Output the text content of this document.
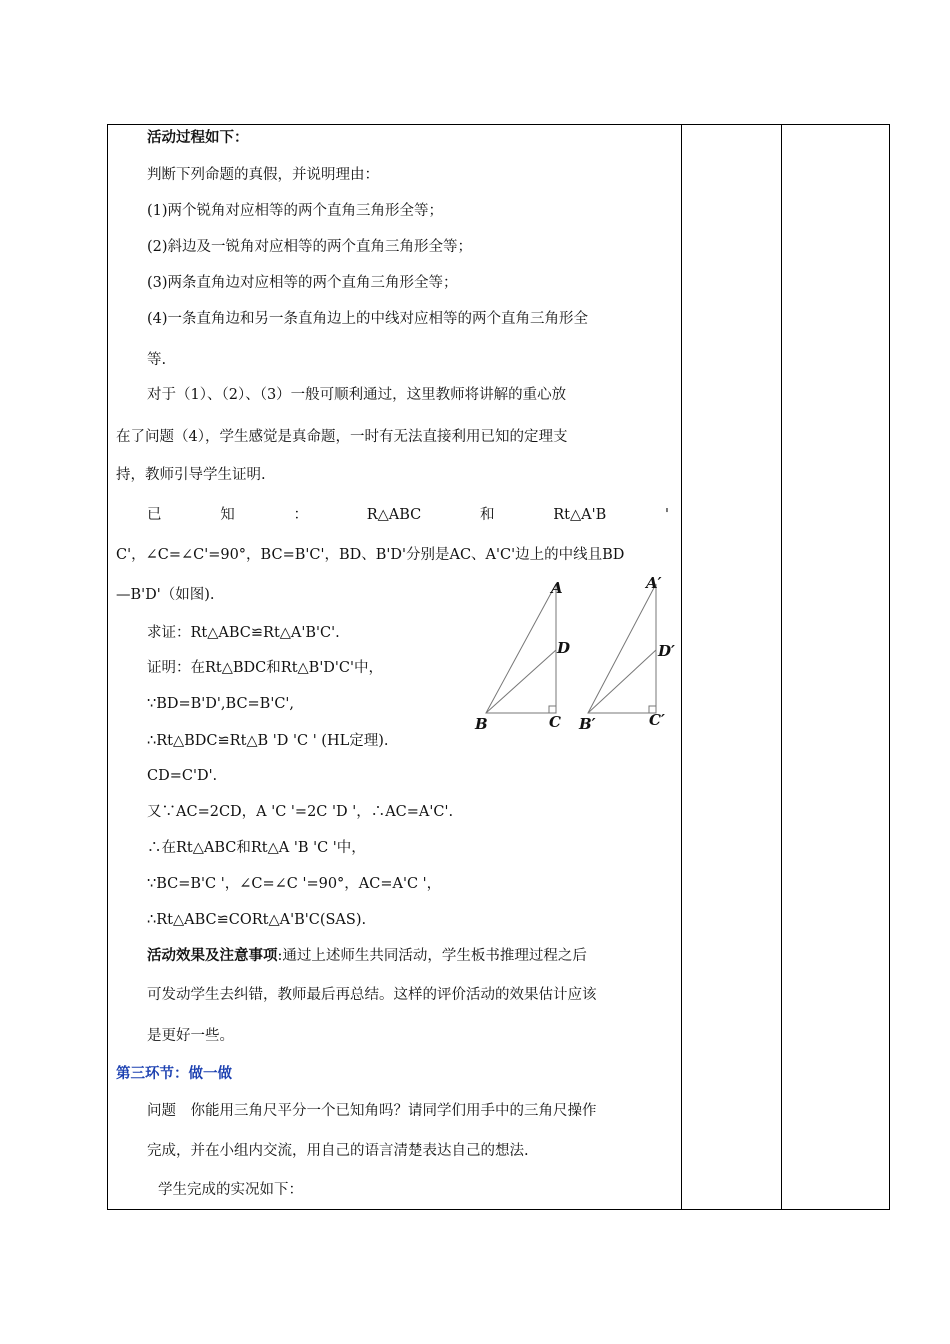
活动过程如下：
判断下列命题的真假，并说明理由：
(1)两个锐角对应相等的两个直角三角形全等；
(2)斜边及一锐角对应相等的两个直角三角形全等；
(3)两条直角边对应相等的两个直角三角形全等；
(4)一条直角边和另一条直角边上的中线对应相等的两个直角三角形全
等.
对于（1）、（2）、（3）一般可顺利通过，这里教师将讲解的重心放
在了问题（4），学生感觉是真命题，一时有无法直接利用已知的定理支
持，教师引导学生证明.
已	知	：	R△ABC	和	Rt△A'B	'
C'，∠C=∠C'=90°，BC=B'C'，BD、B'D'分别是AC、A'C'边上的中线且BD
—B'D'（如图).
求证：Rt△ABC≌Rt△A'B'C'.
证明：在Rt△BDC和Rt△B'D'C'中，
∵BD=B'D',BC=B'C',
∴Rt△BDC≌Rt△B 'D 'C ' (HL定理).
CD=C'D'.
又∵AC=2CD，A 'C '=2C 'D '，∴AC=A'C'.
∴在Rt△ABC和Rt△A 'B 'C '中，
∵BC=B'C '，∠C=∠C '=90°，AC=A'C '，
∴Rt△ABC≌CORt△A'B'C(SAS).
活动效果及注意事项:通过上述师生共同活动，学生板书推理过程之后
可发动学生去纠错，教师最后再总结。这样的评价活动的效果估计应该
是更好一些。
第三环节：做一做
问题　你能用三角尺平分一个已知角吗？请同学们用手中的三角尺操作
完成，并在小组内交流，用自己的语言清楚表达自己的想法.
学生完成的实况如下：
A
D
B	C
A′
D′
B′	C′
